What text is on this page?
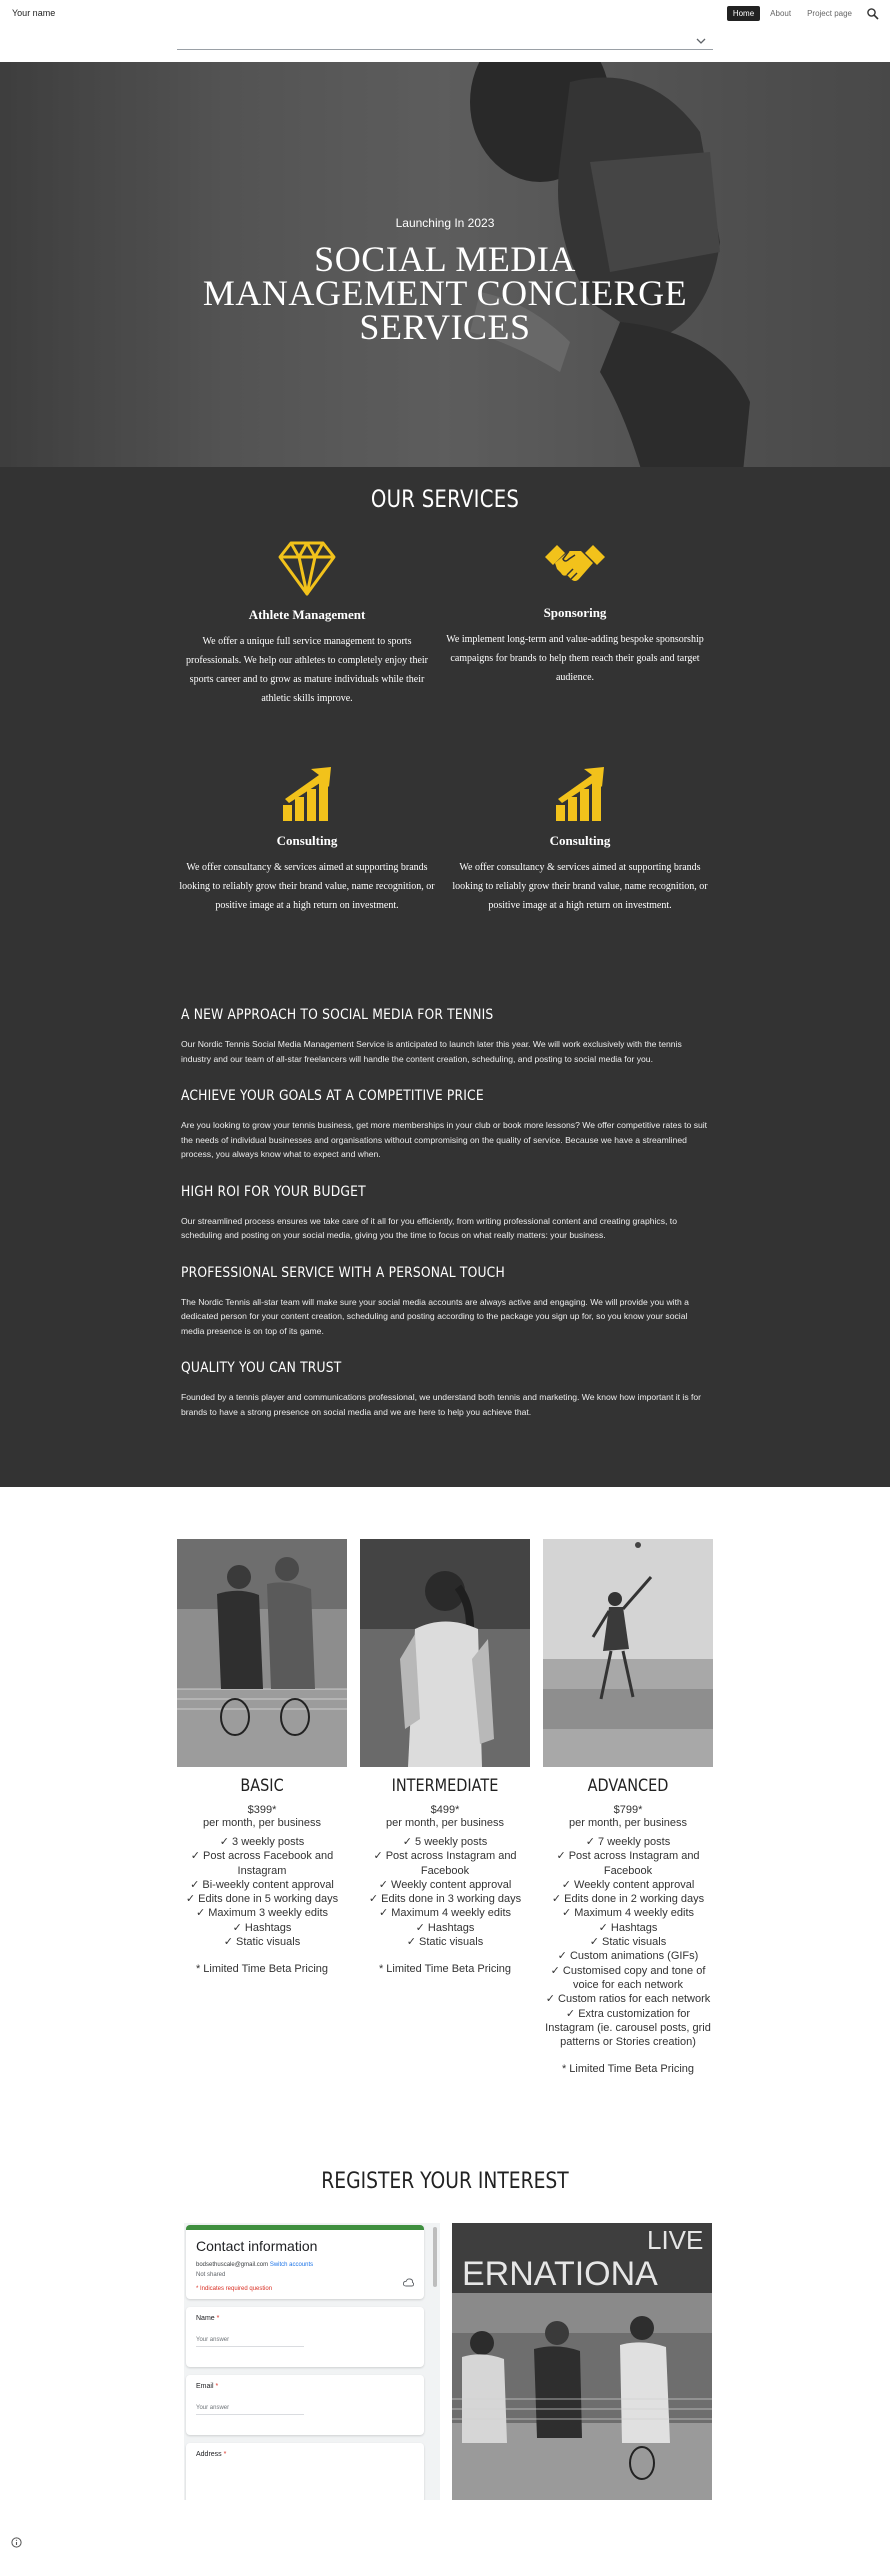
Your name	Home	About	Project page
Launching In 2023
SOCIAL MEDIA
MANAGEMENT CONCIERGE
SERVICES
OUR SERVICES
Athlete Management

We offer a unique full service management to sports professionals. We help our athletes to completely enjoy their sports career and to grow as mature individuals while their athletic skills improve.

Sponsoring

We implement long-term and value-adding bespoke sponsorship campaigns for brands to help them reach their goals and target audience.

Consulting

We offer consultancy & services aimed at supporting brands looking to reliably grow their brand value, name recognition, or positive image at a high return on investment.

Consulting

We offer consultancy & services aimed at supporting brands looking to reliably grow their brand value, name recognition, or positive image at a high return on investment.

A NEW APPROACH TO SOCIAL MEDIA FOR TENNIS

Our Nordic Tennis Social Media Management Service is anticipated to launch later this year. We will work exclusively with the tennis industry and our team of all-star freelancers will handle the content creation, scheduling, and posting to social media for you.

ACHIEVE YOUR GOALS AT A COMPETITIVE PRICE

Are you looking to grow your tennis business, get more memberships in your club or book more lessons? We offer competitive rates to suit the needs of individual businesses and organisations without compromising on the quality of service. Because we have a streamlined process, you always know what to expect and when.

HIGH ROI FOR YOUR BUDGET

Our streamlined process ensures we take care of it all for you efficiently, from writing professional content and creating graphics, to scheduling and posting on your social media, giving you the time to focus on what really matters: your business.

PROFESSIONAL SERVICE WITH A PERSONAL TOUCH

The Nordic Tennis all-star team will make sure your social media accounts are always active and engaging. We will provide you with a dedicated person for your content creation, scheduling and posting according to the package you sign up for, so you know your social media presence is on top of its game.

QUALITY YOU CAN TRUST

Founded by a tennis player and communications professional, we understand both tennis and marketing. We know how important it is for brands to have a strong presence on social media and we are here to help you achieve that.

BASIC
$399*
per month, per business
✓ 3 weekly posts
✓ Post across Facebook and Instagram
✓ Bi-weekly content approval
✓ Edits done in 5 working days
✓ Maximum 3 weekly edits
✓ Hashtags
✓ Static visuals
* Limited Time Beta Pricing
INTERMEDIATE
$499*
per month, per business
✓ 5 weekly posts
✓ Post across Instagram and Facebook
✓ Weekly content approval
✓ Edits done in 3 working days
✓ Maximum 4 weekly edits
✓ Hashtags
✓ Static visuals
* Limited Time Beta Pricing
ADVANCED
$799*
per month, per business
✓ 7 weekly posts
✓ Post across Instagram and Facebook
✓ Weekly content approval
✓ Edits done in 2 working days
✓ Maximum 4 weekly edits
✓ Hashtags
✓ Static visuals
✓ Custom animations (GIFs)
✓ Customised copy and tone of voice for each network
✓ Custom ratios for each network
✓ Extra customization for Instagram (ie. carousel posts, grid patterns or Stories creation)
* Limited Time Beta Pricing
REGISTER YOUR INTEREST
Contact information
bodsethuscale@gmail.com Switch accounts
Not shared
* Indicates required question
Name *
Your answer
Email *
Your answer
Address *
LIVE
ERNATIONA
